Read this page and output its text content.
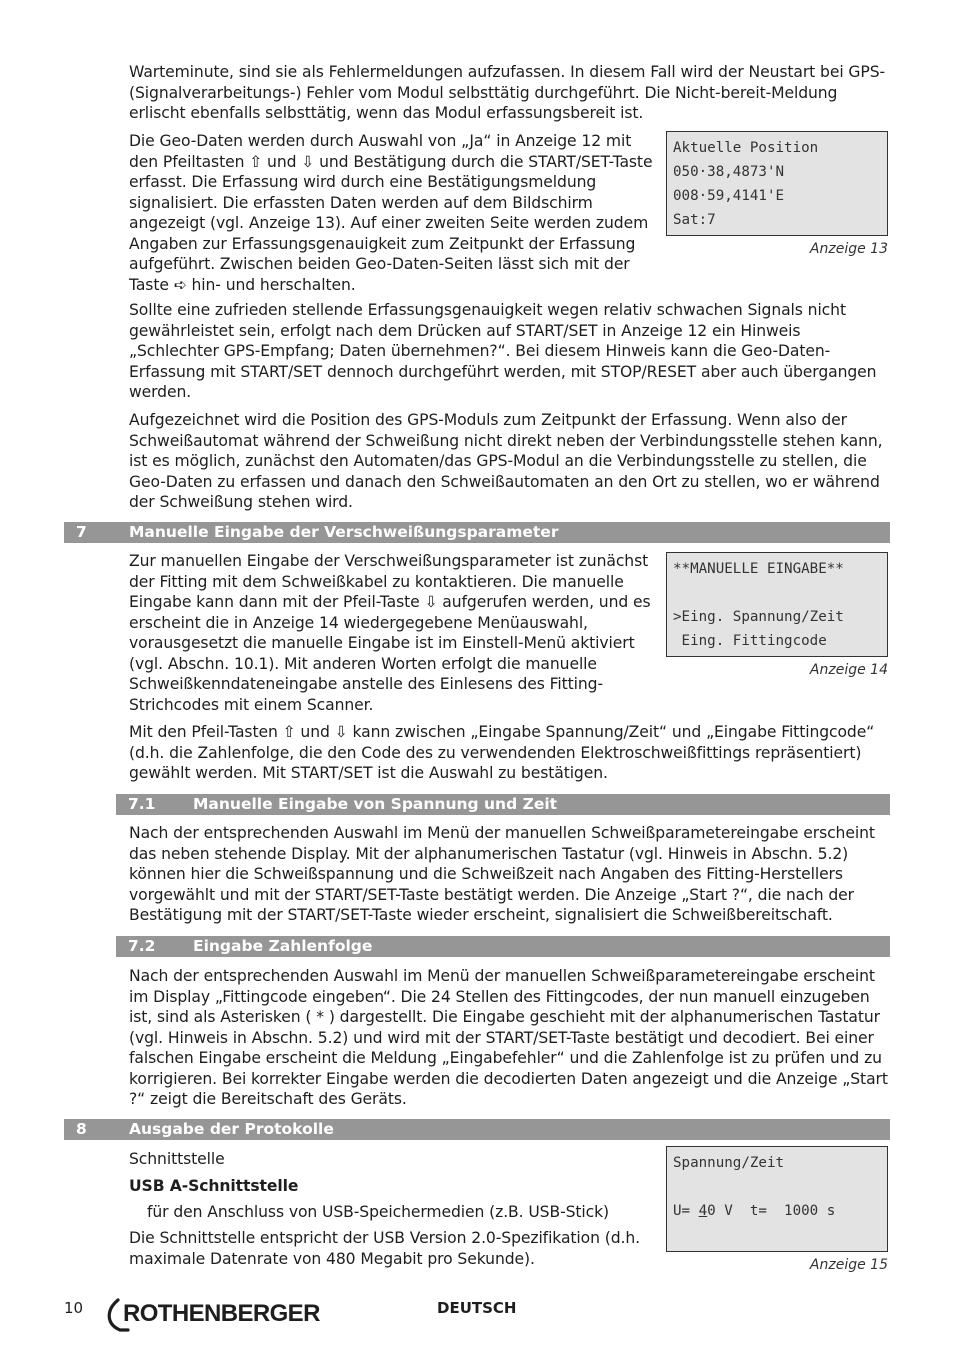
Warteminute, sind sie als Fehlermeldungen aufzufassen. In diesem Fall wird der Neustart bei GPS- (Signalverarbeitungs-) Fehler vom Modul selbsttätig durchgeführt. Die Nicht-bereit-Meldung erlischt ebenfalls selbsttätig, wenn das Modul erfassungsbereit ist.

Die Geo-Daten werden durch Auswahl von „Ja“ in Anzeige 12 mit den Pfeiltasten ⇧ und ⇩ und Bestätigung durch die START/SET-Taste erfasst. Die Erfassung wird durch eine Bestätigungsmeldung signalisiert. Die erfassten Daten werden auf dem Bildschirm angezeigt (vgl. Anzeige 13). Auf einer zweiten Seite werden zudem Angaben zur Erfassungsgenauigkeit zum Zeitpunkt der Erfassung aufgeführt. Zwischen beiden Geo-Daten-Seiten lässt sich mit der Taste ➪ hin- und herschalten.

Aktuelle Position
050·38,4873'N
008·59,4141'E
Sat:7
Anzeige 13

Sollte eine zufrieden stellende Erfassungsgenauigkeit wegen relativ schwachen Signals nicht gewährleistet sein, erfolgt nach dem Drücken auf START/SET in Anzeige 12 ein Hinweis „Schlechter GPS-Empfang; Daten übernehmen?“. Bei diesem Hinweis kann die Geo-Daten-Erfassung mit START/SET dennoch durchgeführt werden, mit STOP/RESET aber auch übergangen werden.

Aufgezeichnet wird die Position des GPS-Moduls zum Zeitpunkt der Erfassung. Wenn also der Schweißautomat während der Schweißung nicht direkt neben der Verbindungsstelle stehen kann, ist es möglich, zunächst den Automaten/das GPS-Modul an die Verbindungsstelle zu stellen, die Geo-Daten zu erfassen und danach den Schweißautomaten an den Ort zu stellen, wo er während der Schweißung stehen wird.

7	Manuelle Eingabe der Verschweißungsparameter

Zur manuellen Eingabe der Verschweißungsparameter ist zunächst der Fitting mit dem Schweißkabel zu kontaktieren. Die manuelle Eingabe kann dann mit der Pfeil-Taste ⇩ aufgerufen werden, und es erscheint die in Anzeige 14 wiedergegebene Menüauswahl, vorausgesetzt die manuelle Eingabe ist im Einstell-Menü aktiviert (vgl. Abschn. 10.1). Mit anderen Worten erfolgt die manuelle Schweißkenndateneingabe anstelle des Einlesens des Fitting-Strichcodes mit einem Scanner.

**MANUELLE EINGABE**
>Eing. Spannung/Zeit
Eing. Fittingcode
Anzeige 14

Mit den Pfeil-Tasten ⇧ und ⇩ kann zwischen „Eingabe Spannung/Zeit“ und „Eingabe Fittingcode“ (d.h. die Zahlenfolge, die den Code des zu verwendenden Elektroschweißfittings repräsentiert) gewählt werden. Mit START/SET ist die Auswahl zu bestätigen.

7.1 Manuelle Eingabe von Spannung und Zeit

Nach der entsprechenden Auswahl im Menü der manuellen Schweißparametereingabe erscheint das neben stehende Display. Mit der alphanumerischen Tastatur (vgl. Hinweis in Abschn. 5.2) können hier die Schweißspannung und die Schweißzeit nach Angaben des Fitting-Herstellers vorgewählt und mit der START/SET-Taste bestätigt werden. Die Anzeige „Start ?“, die nach der Bestätigung mit der START/SET-Taste wieder erscheint, signalisiert die Schweißbereitschaft.

7.2 Eingabe Zahlenfolge

Nach der entsprechenden Auswahl im Menü der manuellen Schweißparametereingabe erscheint im Display „Fittingcode eingeben“. Die 24 Stellen des Fittingcodes, der nun manuell einzugeben ist, sind als Asterisken ( * ) dargestellt. Die Eingabe geschieht mit der alphanumerischen Tastatur (vgl. Hinweis in Abschn. 5.2) und wird mit der START/SET-Taste bestätigt und decodiert. Bei einer falschen Eingabe erscheint die Meldung „Eingabefehler“ und die Zahlenfolge ist zu prüfen und zu korrigieren. Bei korrekter Eingabe werden die decodierten Daten angezeigt und die Anzeige „Start ?“ zeigt die Bereitschaft des Geräts.

8	Ausgabe der Protokolle

Schnittstelle

USB A-Schnittstelle

für den Anschluss von USB-Speichermedien (z.B. USB-Stick)

Die Schnittstelle entspricht der USB Version 2.0-Spezifikation (d.h. maximale Datenrate von 480 Megabit pro Sekunde).

Spannung/Zeit
U= 40 V  t=  1000 s
Anzeige 15
10 ROTHENBERGER	DEUTSCH
